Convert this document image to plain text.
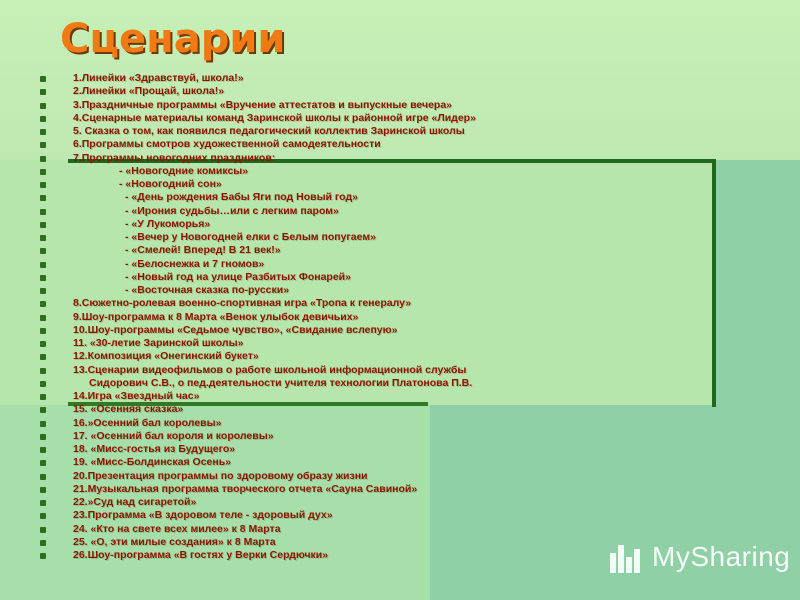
Сценарии
1.Линейки «Здравствуй, школа!»
2.Линейки «Прощай, школа!»
3.Праздничные программы «Вручение аттестатов и выпускные вечера»
4.Сценарные материалы команд Заринской школы к районной игре «Лидер»
5. Сказка о том, как появился педагогический коллектив Заринской школы
6.Программы смотров художественной самодеятельности
7.Программы новогодних праздников:
- «Новогодние комиксы»
- «Новогодний сон»
- «День рождения Бабы Яги под Новый год»
- «Ирония судьбы…или с легким паром»
- «У Лукоморья»
- «Вечер у Новогодней елки с Белым попугаем»
- «Смелей! Вперед! В 21 век!»
- «Белоснежка и 7 гномов»
- «Новый год на улице Разбитых Фонарей»
- «Восточная сказка по-русски»
8.Сюжетно-ролевая военно-спортивная игра «Тропа к генералу»
9.Шоу-программа к 8 Марта «Венок улыбок девичьих»
10.Шоу-программы «Седьмое чувство», «Свидание вслепую»
11. «30-летие Заринской школы»
12.Композиция «Онегинский букет»
13.Сценарии видеофильмов о работе школьной информационной службы
Сидорович С.В., о пед.деятельности учителя технологии Платонова П.В.
14.Игра «Звездный час»
15. «Осенняя сказка»
16.»Осенний бал королевы»
17. «Осенний бал короля и королевы»
18. «Мисс-гостья из Будущего»
19. «Мисс-Болдинская Осень»
20.Презентация программы по здоровому образу жизни
21.Музыкальная программа творческого отчета «Сауна Савиной»
22.»Суд над сигаретой»
23.Программа «В здоровом теле - здоровый дух»
24. «Кто на свете всех милее» к 8 Марта
25. «О, эти милые создания» к 8 Марта
26.Шоу-программа «В гостях у Верки Сердючки»	MySharing
